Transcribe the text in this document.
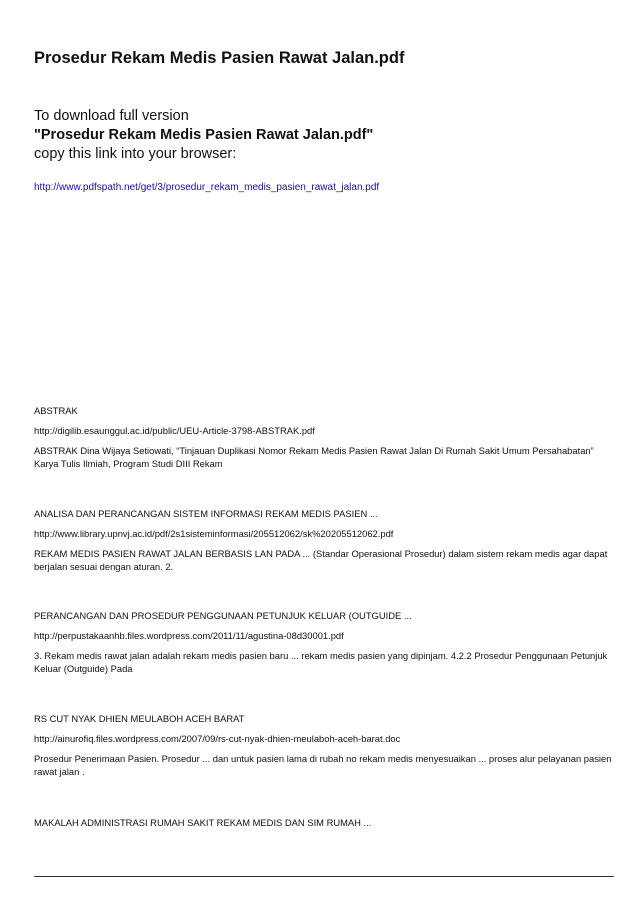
Prosedur Rekam Medis Pasien Rawat Jalan.pdf
To download full version
"Prosedur Rekam Medis Pasien Rawat Jalan.pdf"
copy this link into your browser:
http://www.pdfspath.net/get/3/prosedur_rekam_medis_pasien_rawat_jalan.pdf
ABSTRAK
http://digilib.esaunggul.ac.id/public/UEU-Article-3798-ABSTRAK.pdf
ABSTRAK Dina Wijaya Setiowati, “Tinjauan Duplikasi Nomor Rekam Medis Pasien Rawat Jalan Di Rumah Sakit Umum Persahabatan” Karya Tulis Ilmiah, Program Studi DIII Rekam
ANALISA DAN PERANCANGAN SISTEM INFORMASI REKAM MEDIS PASIEN ...
http://www.library.upnvj.ac.id/pdf/2s1sisteminformasi/205512062/sk%20205512062.pdf
REKAM MEDIS PASIEN RAWAT JALAN BERBASIS LAN PADA ... (Standar Operasional Prosedur) dalam sistem rekam medis agar dapat berjalan sesuai dengan aturan. 2.
PERANCANGAN DAN PROSEDUR PENGGUNAAN PETUNJUK KELUAR (OUTGUIDE ...
http://perpustakaanhb.files.wordpress.com/2011/11/agustina-08d30001.pdf
3. Rekam medis rawat jalan adalah rekam medis pasien baru ... rekam medis pasien yang dipinjam. 4.2.2 Prosedur Penggunaan Petunjuk Keluar (Outguide) Pada
RS CUT NYAK DHIEN MEULABOH ACEH BARAT
http://ainurofiq.files.wordpress.com/2007/09/rs-cut-nyak-dhien-meulaboh-aceh-barat.doc
Prosedur Penerimaan Pasien. Prosedur ... dan untuk pasien lama di rubah no rekam medis menyesuaikan ... proses alur pelayanan pasien rawat jalan .
MAKALAH ADMINISTRASI RUMAH SAKIT REKAM MEDIS DAN SIM RUMAH ...
